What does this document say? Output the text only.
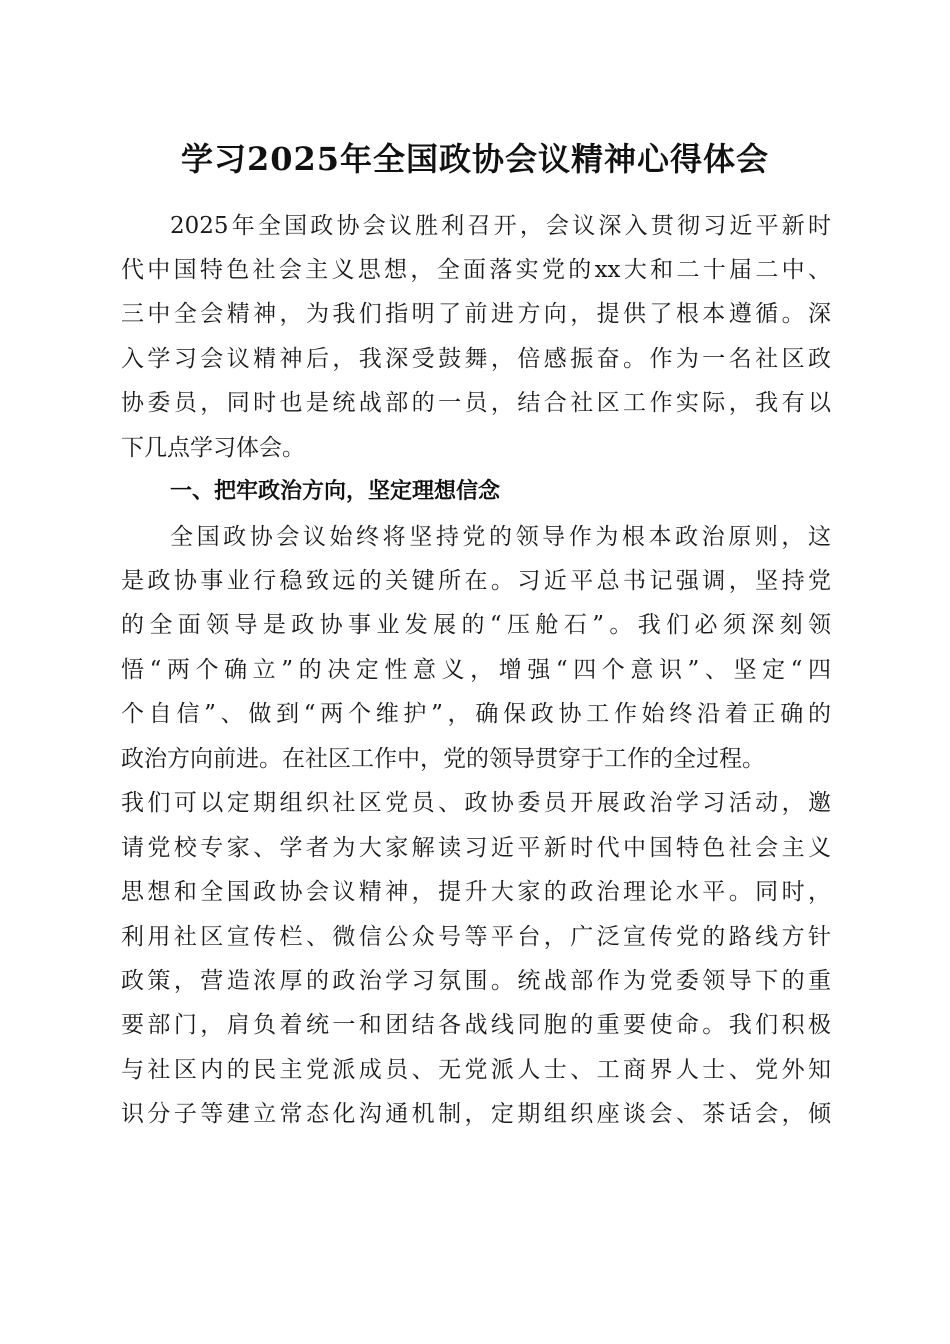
学习2025年全国政协会议精神心得体会
2025年全国政协会议胜利召开，会议深入贯彻习近平新时
代中国特色社会主义思想，全面落实党的xx大和二十届二中、
三中全会精神，为我们指明了前进方向，提供了根本遵循。深
入学习会议精神后，我深受鼓舞，倍感振奋。作为一名社区政
协委员，同时也是统战部的一员，结合社区工作实际，我有以
下几点学习体会。
一、把牢政治方向，坚定理想信念
全国政协会议始终将坚持党的领导作为根本政治原则，这
是政协事业行稳致远的关键所在。习近平总书记强调，坚持党
的全面领导是政协事业发展的“压舱石”。我们必须深刻领
悟“两个确立”的决定性意义，增强“四个意识”、坚定“四
个自信”、做到“两个维护”，确保政协工作始终沿着正确的
政治方向前进。在社区工作中，党的领导贯穿于工作的全过程。
我们可以定期组织社区党员、政协委员开展政治学习活动，邀
请党校专家、学者为大家解读习近平新时代中国特色社会主义
思想和全国政协会议精神，提升大家的政治理论水平。同时，
利用社区宣传栏、微信公众号等平台，广泛宣传党的路线方针
政策，营造浓厚的政治学习氛围。统战部作为党委领导下的重
要部门，肩负着统一和团结各战线同胞的重要使命。我们积极
与社区内的民主党派成员、无党派人士、工商界人士、党外知
识分子等建立常态化沟通机制，定期组织座谈会、茶话会，倾
